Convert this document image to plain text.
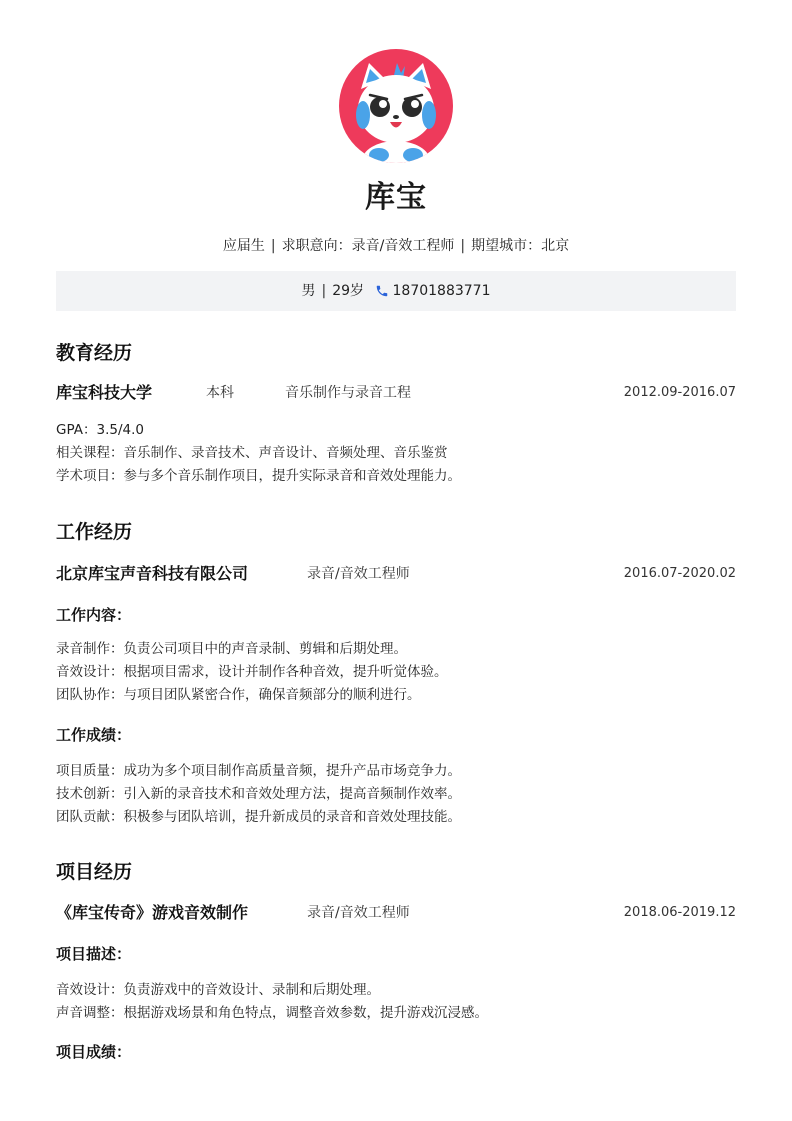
库宝
应届生 | 求职意向：录音/音效工程师 | 期望城市：北京
男 | 29岁 18701883771
教育经历
库宝科技大学	本科	音乐制作与录音工程	2012.09-2016.07
GPA：3.5/4.0
相关课程：音乐制作、录音技术、声音设计、音频处理、音乐鉴赏
学术项目：参与多个音乐制作项目，提升实际录音和音效处理能力。
工作经历
北京库宝声音科技有限公司	录音/音效工程师	2016.07-2020.02
工作内容：
录音制作：负责公司项目中的声音录制、剪辑和后期处理。
音效设计：根据项目需求，设计并制作各种音效，提升听觉体验。
团队协作：与项目团队紧密合作，确保音频部分的顺利进行。
工作成绩：
项目质量：成功为多个项目制作高质量音频，提升产品市场竞争力。
技术创新：引入新的录音技术和音效处理方法，提高音频制作效率。
团队贡献：积极参与团队培训，提升新成员的录音和音效处理技能。
项目经历
《库宝传奇》游戏音效制作	录音/音效工程师	2018.06-2019.12
项目描述：
音效设计：负责游戏中的音效设计、录制和后期处理。
声音调整：根据游戏场景和角色特点，调整音效参数，提升游戏沉浸感。
项目成绩：
